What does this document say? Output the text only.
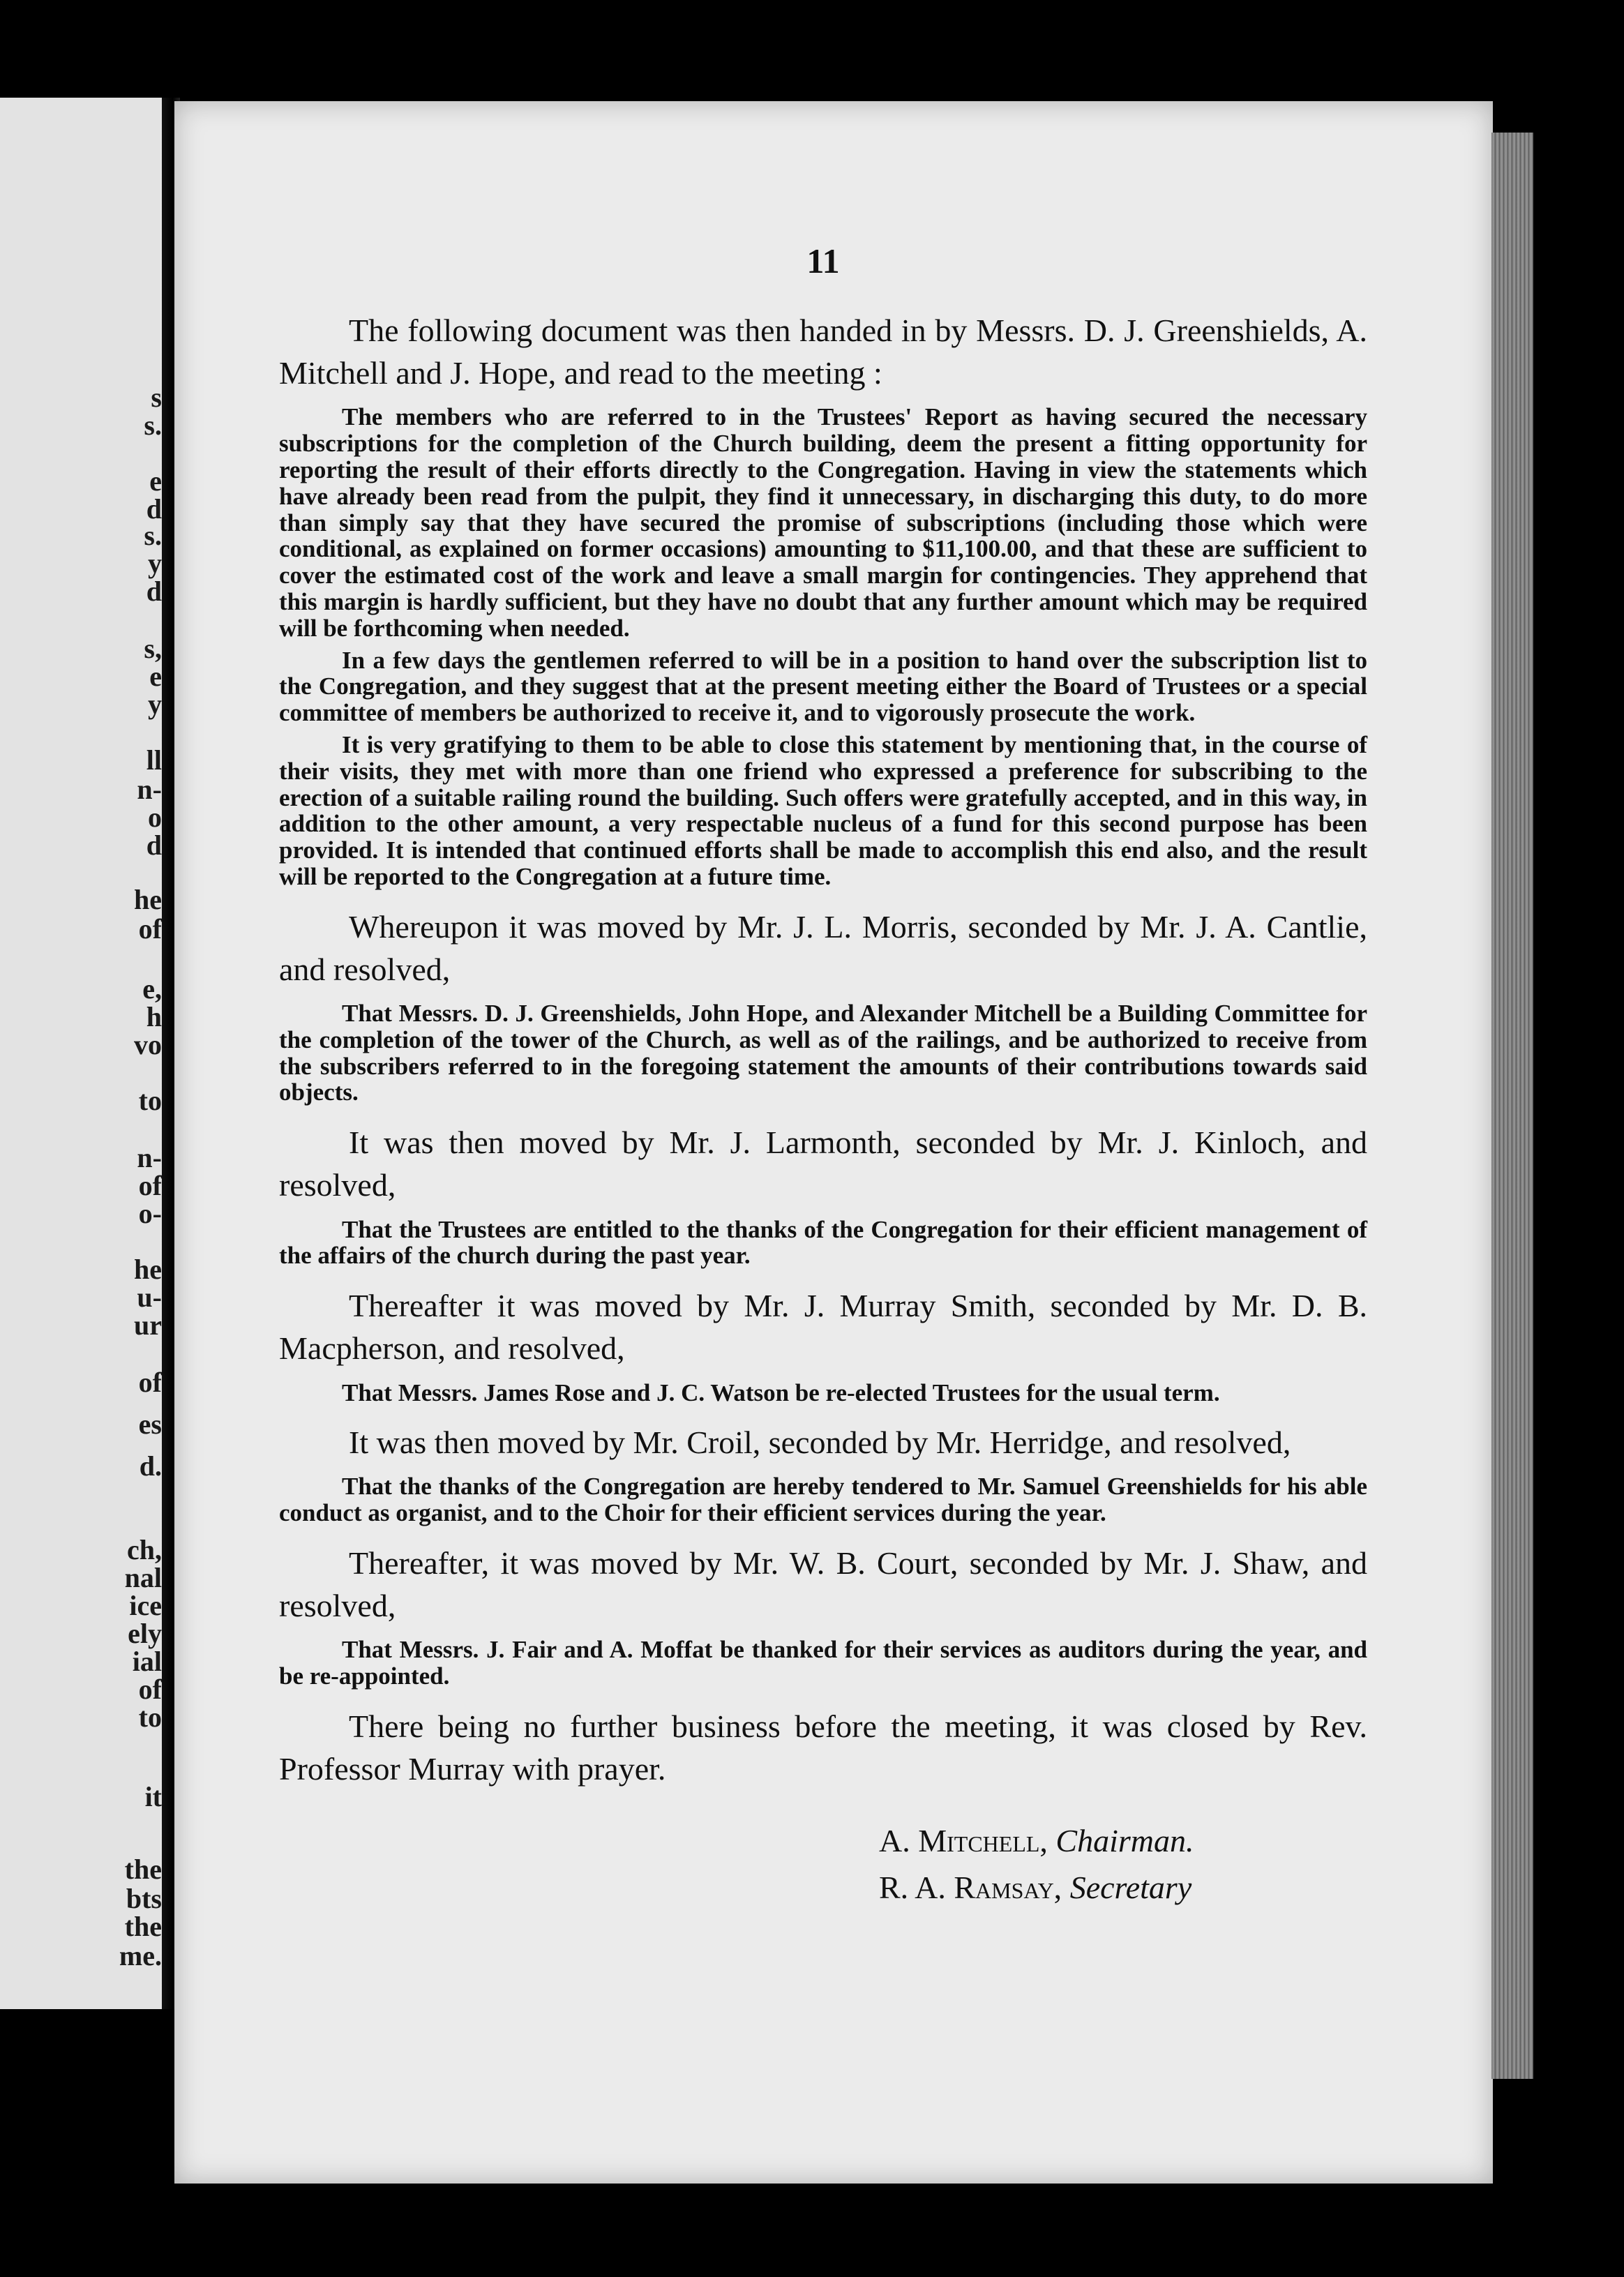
s
s.
e
d
s.
y
d
s,
e
y
ll
n-
o
d
he
of
e,
h
vo
to
n-
of
o-
he
u-
ur
of
es
d.
ch,
nal
ice
ely
ial
of
to
it
the
bts
the
me.
11

The following document was then handed in by Messrs. D. J. Greenshields, A. Mitchell and J. Hope, and read to the meeting :

The members who are referred to in the Trustees' Report as having secured the necessary subscriptions for the completion of the Church building, deem the present a fitting opportunity for reporting the result of their efforts directly to the Congregation. Having in view the statements which have already been read from the pulpit, they find it unnecessary, in discharging this duty, to do more than simply say that they have secured the promise of subscriptions (including those which were conditional, as explained on former occasions) amounting to $11,100.00, and that these are sufficient to cover the estimated cost of the work and leave a small margin for contingencies. They apprehend that this margin is hardly sufficient, but they have no doubt that any further amount which may be required will be forthcoming when needed.

In a few days the gentlemen referred to will be in a position to hand over the subscription list to the Congregation, and they suggest that at the present meeting either the Board of Trustees or a special committee of members be authorized to receive it, and to vigorously prosecute the work.

It is very gratifying to them to be able to close this statement by mentioning that, in the course of their visits, they met with more than one friend who expressed a preference for subscribing to the erection of a suitable railing round the building. Such offers were gratefully accepted, and in this way, in addition to the other amount, a very respectable nucleus of a fund for this second purpose has been provided. It is intended that continued efforts shall be made to accomplish this end also, and the result will be reported to the Congregation at a future time.

Whereupon it was moved by Mr. J. L. Morris, seconded by Mr. J. A. Cantlie, and resolved,

That Messrs. D. J. Greenshields, John Hope, and Alexander Mitchell be a Building Committee for the completion of the tower of the Church, as well as of the railings, and be authorized to receive from the subscribers referred to in the foregoing statement the amounts of their contributions towards said objects.

It was then moved by Mr. J. Larmonth, seconded by Mr. J. Kinloch, and resolved,

That the Trustees are entitled to the thanks of the Congregation for their efficient management of the affairs of the church during the past year.

Thereafter it was moved by Mr. J. Murray Smith, seconded by Mr. D. B. Macpherson, and resolved,

That Messrs. James Rose and J. C. Watson be re-elected Trustees for the usual term.

It was then moved by Mr. Croil, seconded by Mr. Herridge, and resolved,

That the thanks of the Congregation are hereby tendered to Mr. Samuel Greenshields for his able conduct as organist, and to the Choir for their efficient services during the year.

Thereafter, it was moved by Mr. W. B. Court, seconded by Mr. J. Shaw, and resolved,

That Messrs. J. Fair and A. Moffat be thanked for their services as auditors during the year, and be re-appointed.

There being no further business before the meeting, it was closed by Rev. Professor Murray with prayer.

A. Mitchell, Chairman.
R. A. Ramsay, Secretary
